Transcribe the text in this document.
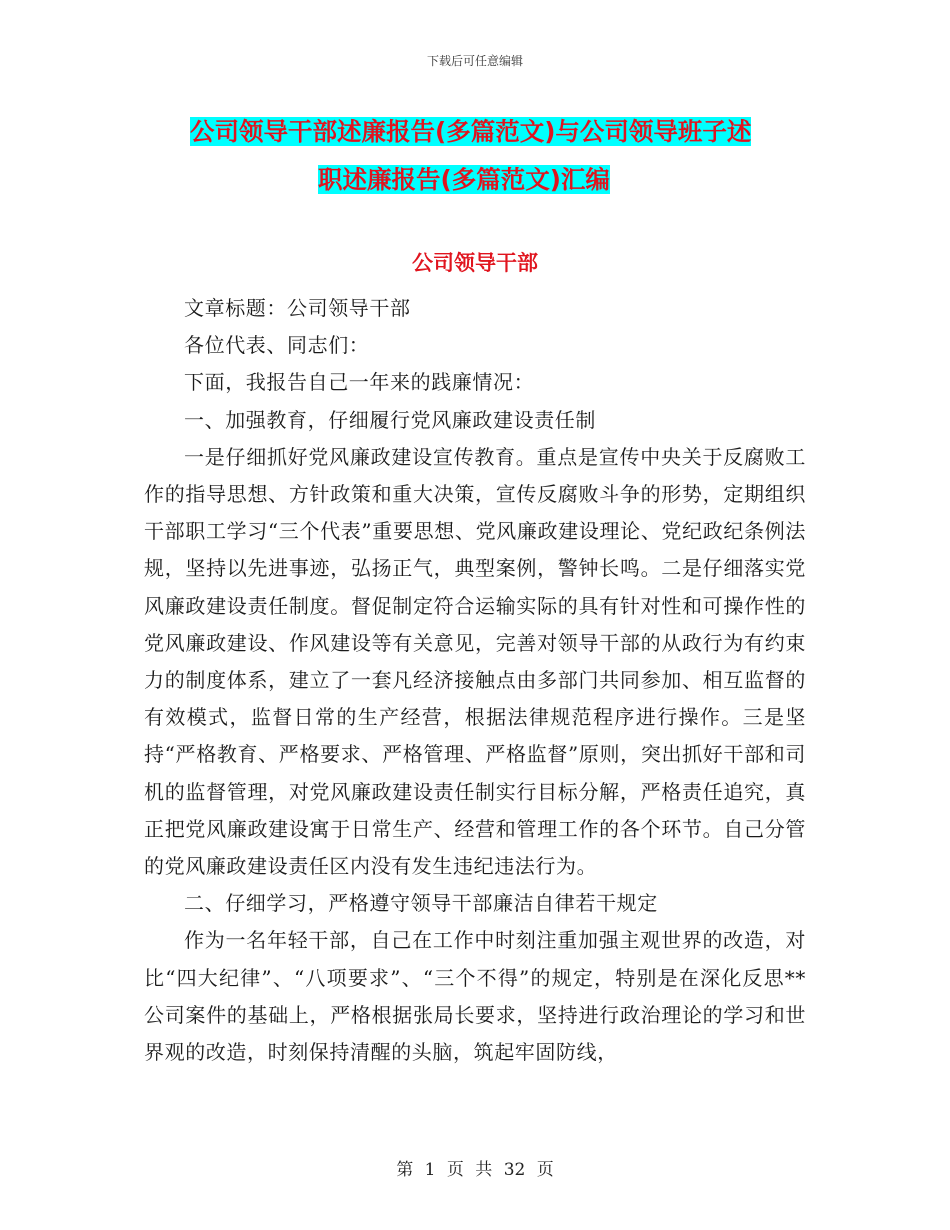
下载后可任意编辑
公司领导干部述廉报告(多篇范文)与公司领导班子述
职述廉报告(多篇范文)汇编
公司领导干部

文章标题：公司领导干部

各位代表、同志们：

下面，我报告自己一年来的践廉情况：

一、加强教育，仔细履行党风廉政建设责任制

一是仔细抓好党风廉政建设宣传教育。重点是宣传中央关于反腐败工作的指导思想、方针政策和重大决策，宣传反腐败斗争的形势，定期组织干部职工学习“三个代表”重要思想、党风廉政建设理论、党纪政纪条例法规，坚持以先进事迹，弘扬正气，典型案例，警钟长鸣。二是仔细落实党风廉政建设责任制度。督促制定符合运输实际的具有针对性和可操作性的党风廉政建设、作风建设等有关意见，完善对领导干部的从政行为有约束力的制度体系，建立了一套凡经济接触点由多部门共同参加、相互监督的有效模式，监督日常的生产经营，根据法律规范程序进行操作。三是坚持“严格教育、严格要求、严格管理、严格监督”原则，突出抓好干部和司机的监督管理，对党风廉政建设责任制实行目标分解，严格责任追究，真正把党风廉政建设寓于日常生产、经营和管理工作的各个环节。自己分管的党风廉政建设责任区内没有发生违纪违法行为。

二、仔细学习，严格遵守领导干部廉洁自律若干规定

作为一名年轻干部，自己在工作中时刻注重加强主观世界的改造，对比“四大纪律”、“八项要求”、“三个不得”的规定，特别是在深化反思**公司案件的基础上，严格根据张局长要求，坚持进行政治理论的学习和世界观的改造，时刻保持清醒的头脑，筑起牢固防线，

第 1 页 共 32 页
